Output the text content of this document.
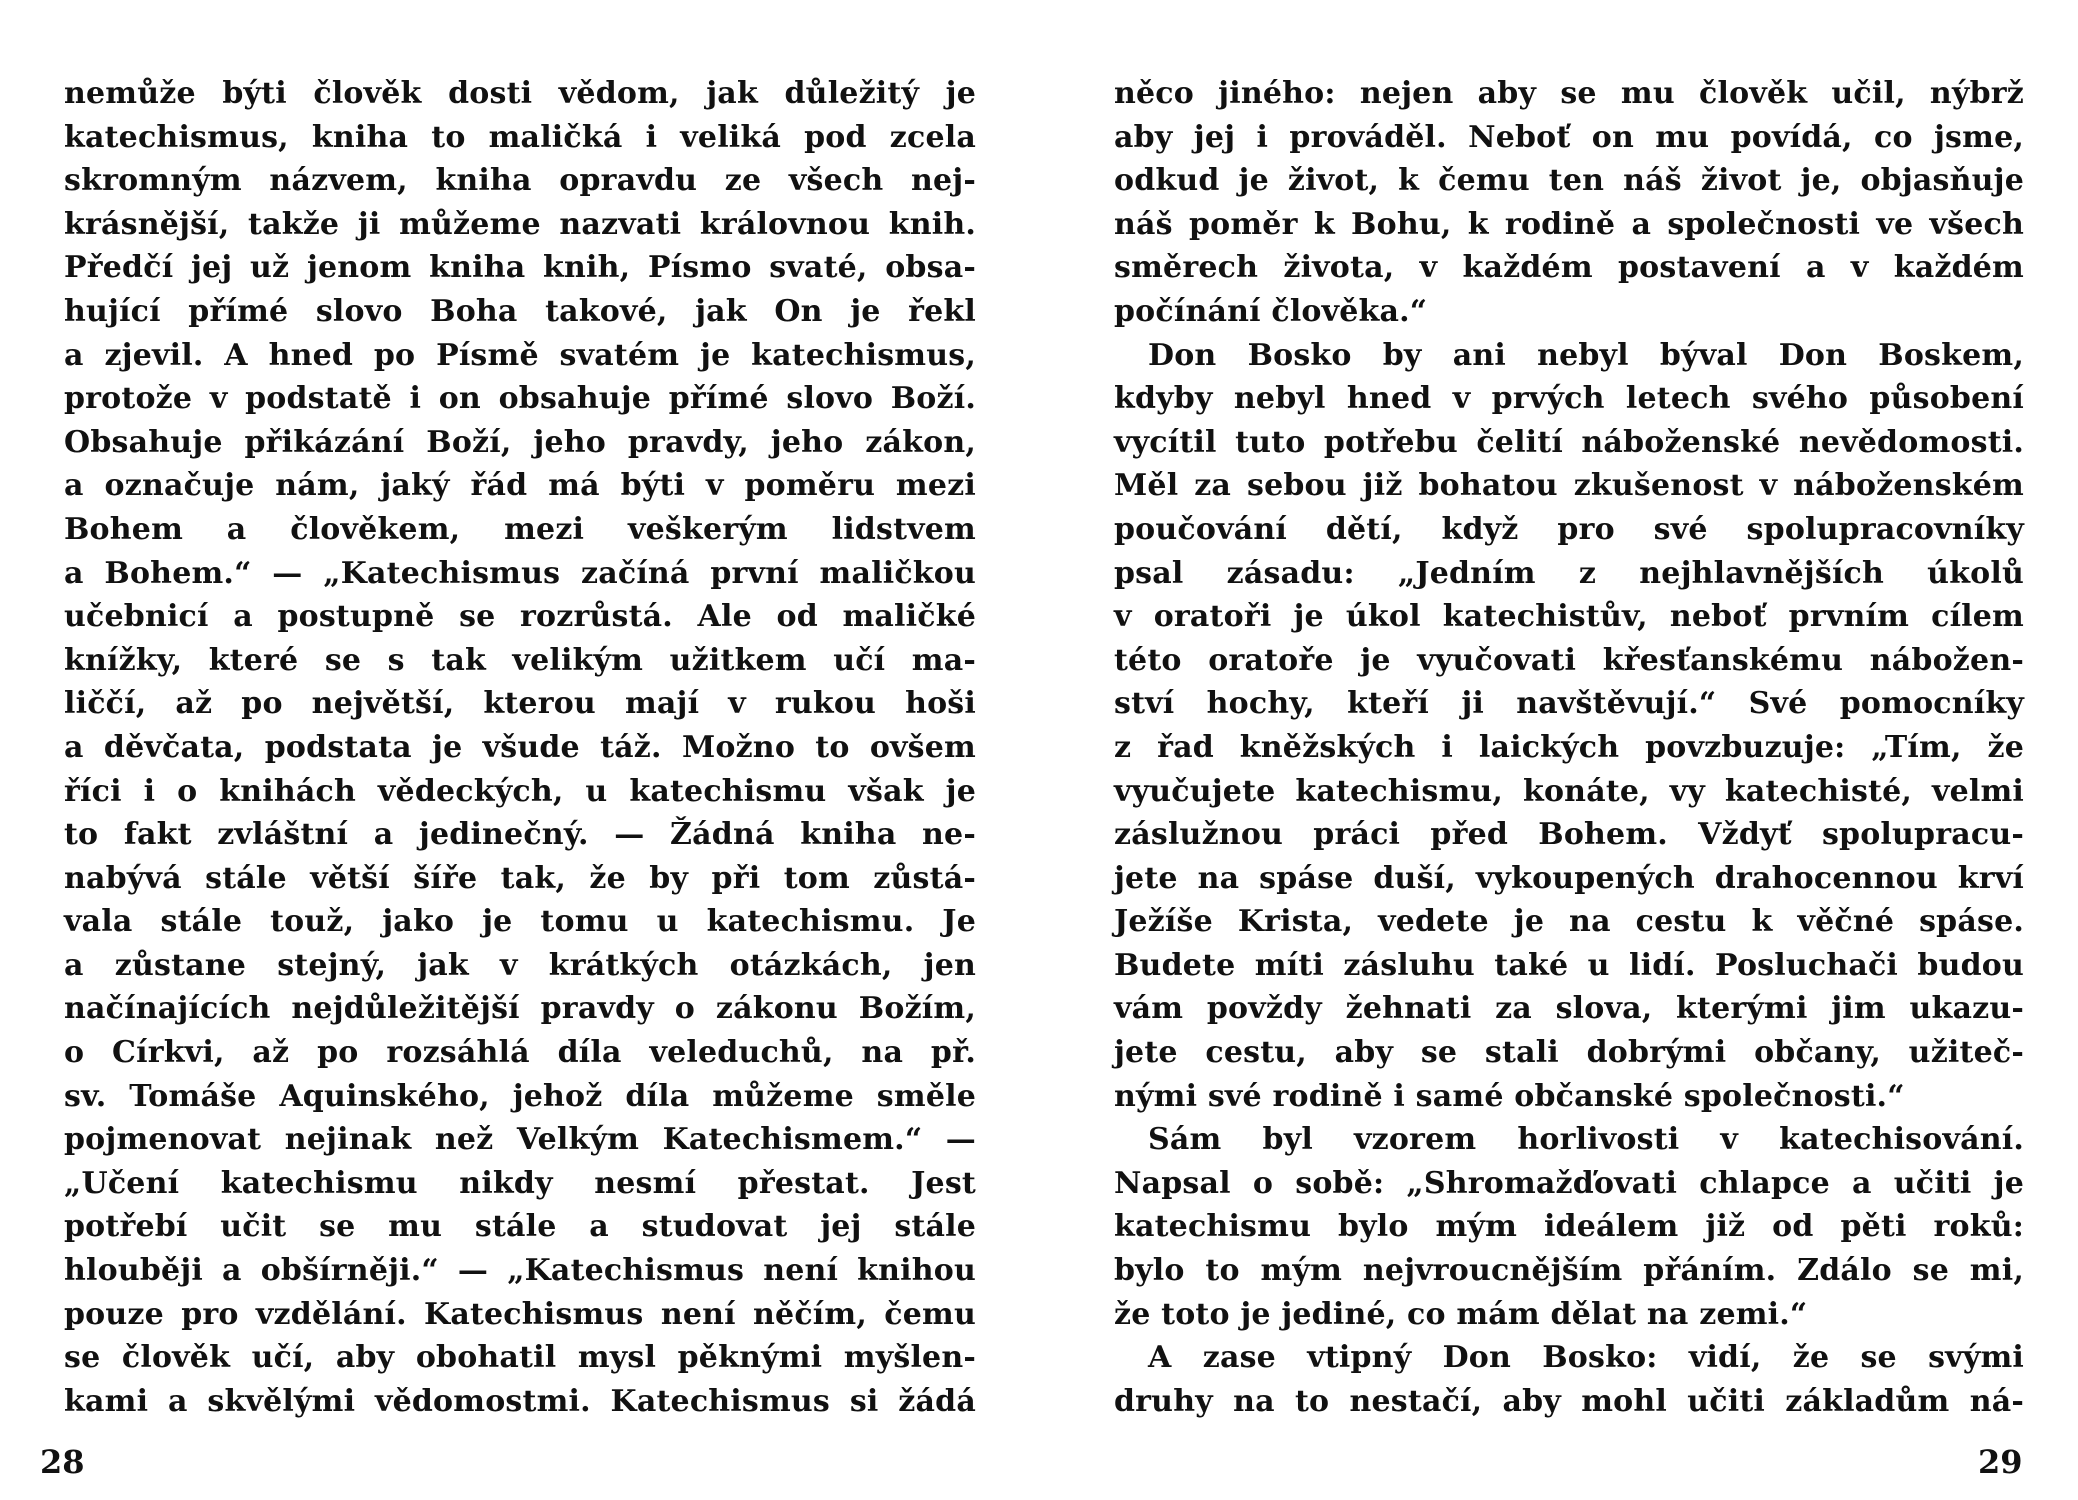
nemůže býti člověk dosti vědom, jak důležitý je
katechismus, kniha to maličká i veliká pod zcela
skromným názvem, kniha opravdu ze všech nej-
krásnější, takže ji můžeme nazvati královnou knih.
Předčí jej už jenom kniha knih, Písmo svaté, obsa-
hující přímé slovo Boha takové, jak On je řekl
a zjevil. A hned po Písmě svatém je katechismus,
protože v podstatě i on obsahuje přímé slovo Boží.
Obsahuje přikázání Boží, jeho pravdy, jeho zákon,
a označuje nám, jaký řád má býti v poměru mezi
Bohem a člověkem, mezi veškerým lidstvem
a Bohem.“ — „Katechismus začíná první maličkou
učebnicí a postupně se rozrůstá. Ale od maličké
knížky, které se s tak velikým užitkem učí ma-
liččí, až po největší, kterou mají v rukou hoši
a děvčata, podstata je všude táž. Možno to ovšem
říci i o knihách vědeckých, u katechismu však je
to fakt zvláštní a jedinečný. — Žádná kniha ne-
nabývá stále větší šíře tak, že by při tom zůstá-
vala stále touž, jako je tomu u katechismu. Je
a zůstane stejný, jak v krátkých otázkách, jen
načínajících nejdůležitější pravdy o zákonu Božím,
o Církvi, až po rozsáhlá díla veleduchů, na př.
sv. Tomáše Aquinského, jehož díla můžeme směle
pojmenovat nejinak než Velkým Katechismem.“ —
„Učení katechismu nikdy nesmí přestat. Jest
potřebí učit se mu stále a studovat jej stále
hlouběji a obšírněji.“ — „Katechismus není knihou
pouze pro vzdělání. Katechismus není něčím, čemu
se člověk učí, aby obohatil mysl pěknými myšlen-
kami a skvělými vědomostmi. Katechismus si žádá
něco jiného: nejen aby se mu člověk učil, nýbrž
aby jej i prováděl. Neboť on mu povídá, co jsme,
odkud je život, k čemu ten náš život je, objasňuje
náš poměr k Bohu, k rodině a společnosti ve všech
směrech života, v každém postavení a v každém
počínání člověka.“
Don Bosko by ani nebyl býval Don Boskem,
kdyby nebyl hned v prvých letech svého působení
vycítil tuto potřebu čelití náboženské nevědomosti.
Měl za sebou již bohatou zkušenost v náboženském
poučování dětí, když pro své spolupracovníky
psal zásadu: „Jedním z nejhlavnějších úkolů
v oratoři je úkol katechistův, neboť prvním cílem
této oratoře je vyučovati křesťanskému nábožen-
ství hochy, kteří ji navštěvují.“ Své pomocníky
z řad kněžských i laických povzbuzuje: „Tím, že
vyučujete katechismu, konáte, vy katechisté, velmi
záslužnou práci před Bohem. Vždyť spolupracu-
jete na spáse duší, vykoupených drahocennou krví
Ježíše Krista, vedete je na cestu k věčné spáse.
Budete míti zásluhu také u lidí. Posluchači budou
vám povždy žehnati za slova, kterými jim ukazu-
jete cestu, aby se stali dobrými občany, užiteč-
nými své rodině i samé občanské společnosti.“
Sám byl vzorem horlivosti v katechisování.
Napsal o sobě: „Shromažďovati chlapce a učiti je
katechismu bylo mým ideálem již od pěti roků:
bylo to mým nejvroucnějším přáním. Zdálo se mi,
že toto je jediné, co mám dělat na zemi.“
A zase vtipný Don Bosko: vidí, že se svými
druhy na to nestačí, aby mohl učiti základům ná-
28	29
